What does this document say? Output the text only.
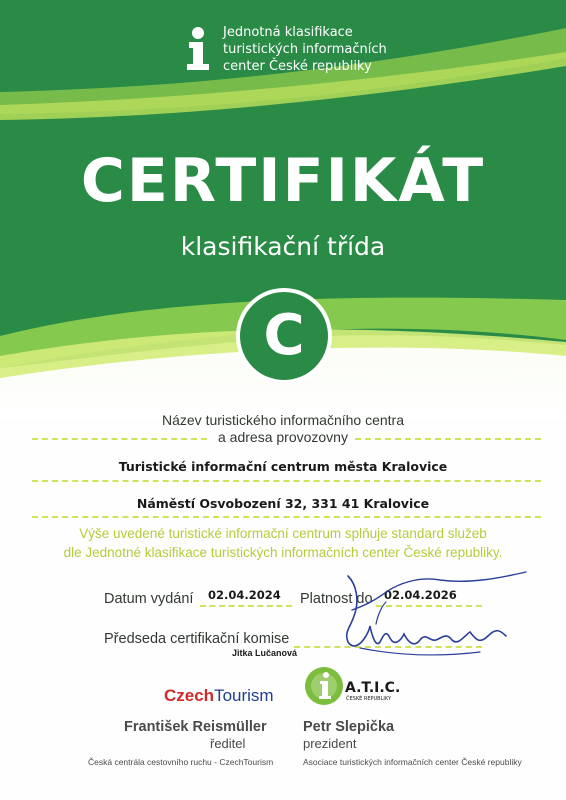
Jednotná klasifikace
turistických informačních
center České republiky
CERTIFIKÁT
klasifikační třída
C
Název turistického informačního centra
a adresa provozovny
Turistické informační centrum města Kralovice
Náměstí Osvobození 32, 331 41 Kralovice
Výše uvedené turistické informační centrum splňuje standard služeb
dle Jednotné klasifikace turistických informačních center České republiky.
Datum vydání 02.04.2024 Platnost do 02.04.2026
Předseda certifikační komise
Jitka Lučanová
CzechTourism	A.T.I.C.
ČESKÉ REPUBLIKY
František Reismüller
ředitel
Česká centrála cestovního ruchu - CzechTourism
Petr Slepička
prezident
Asociace turistických informačních center České republiky
